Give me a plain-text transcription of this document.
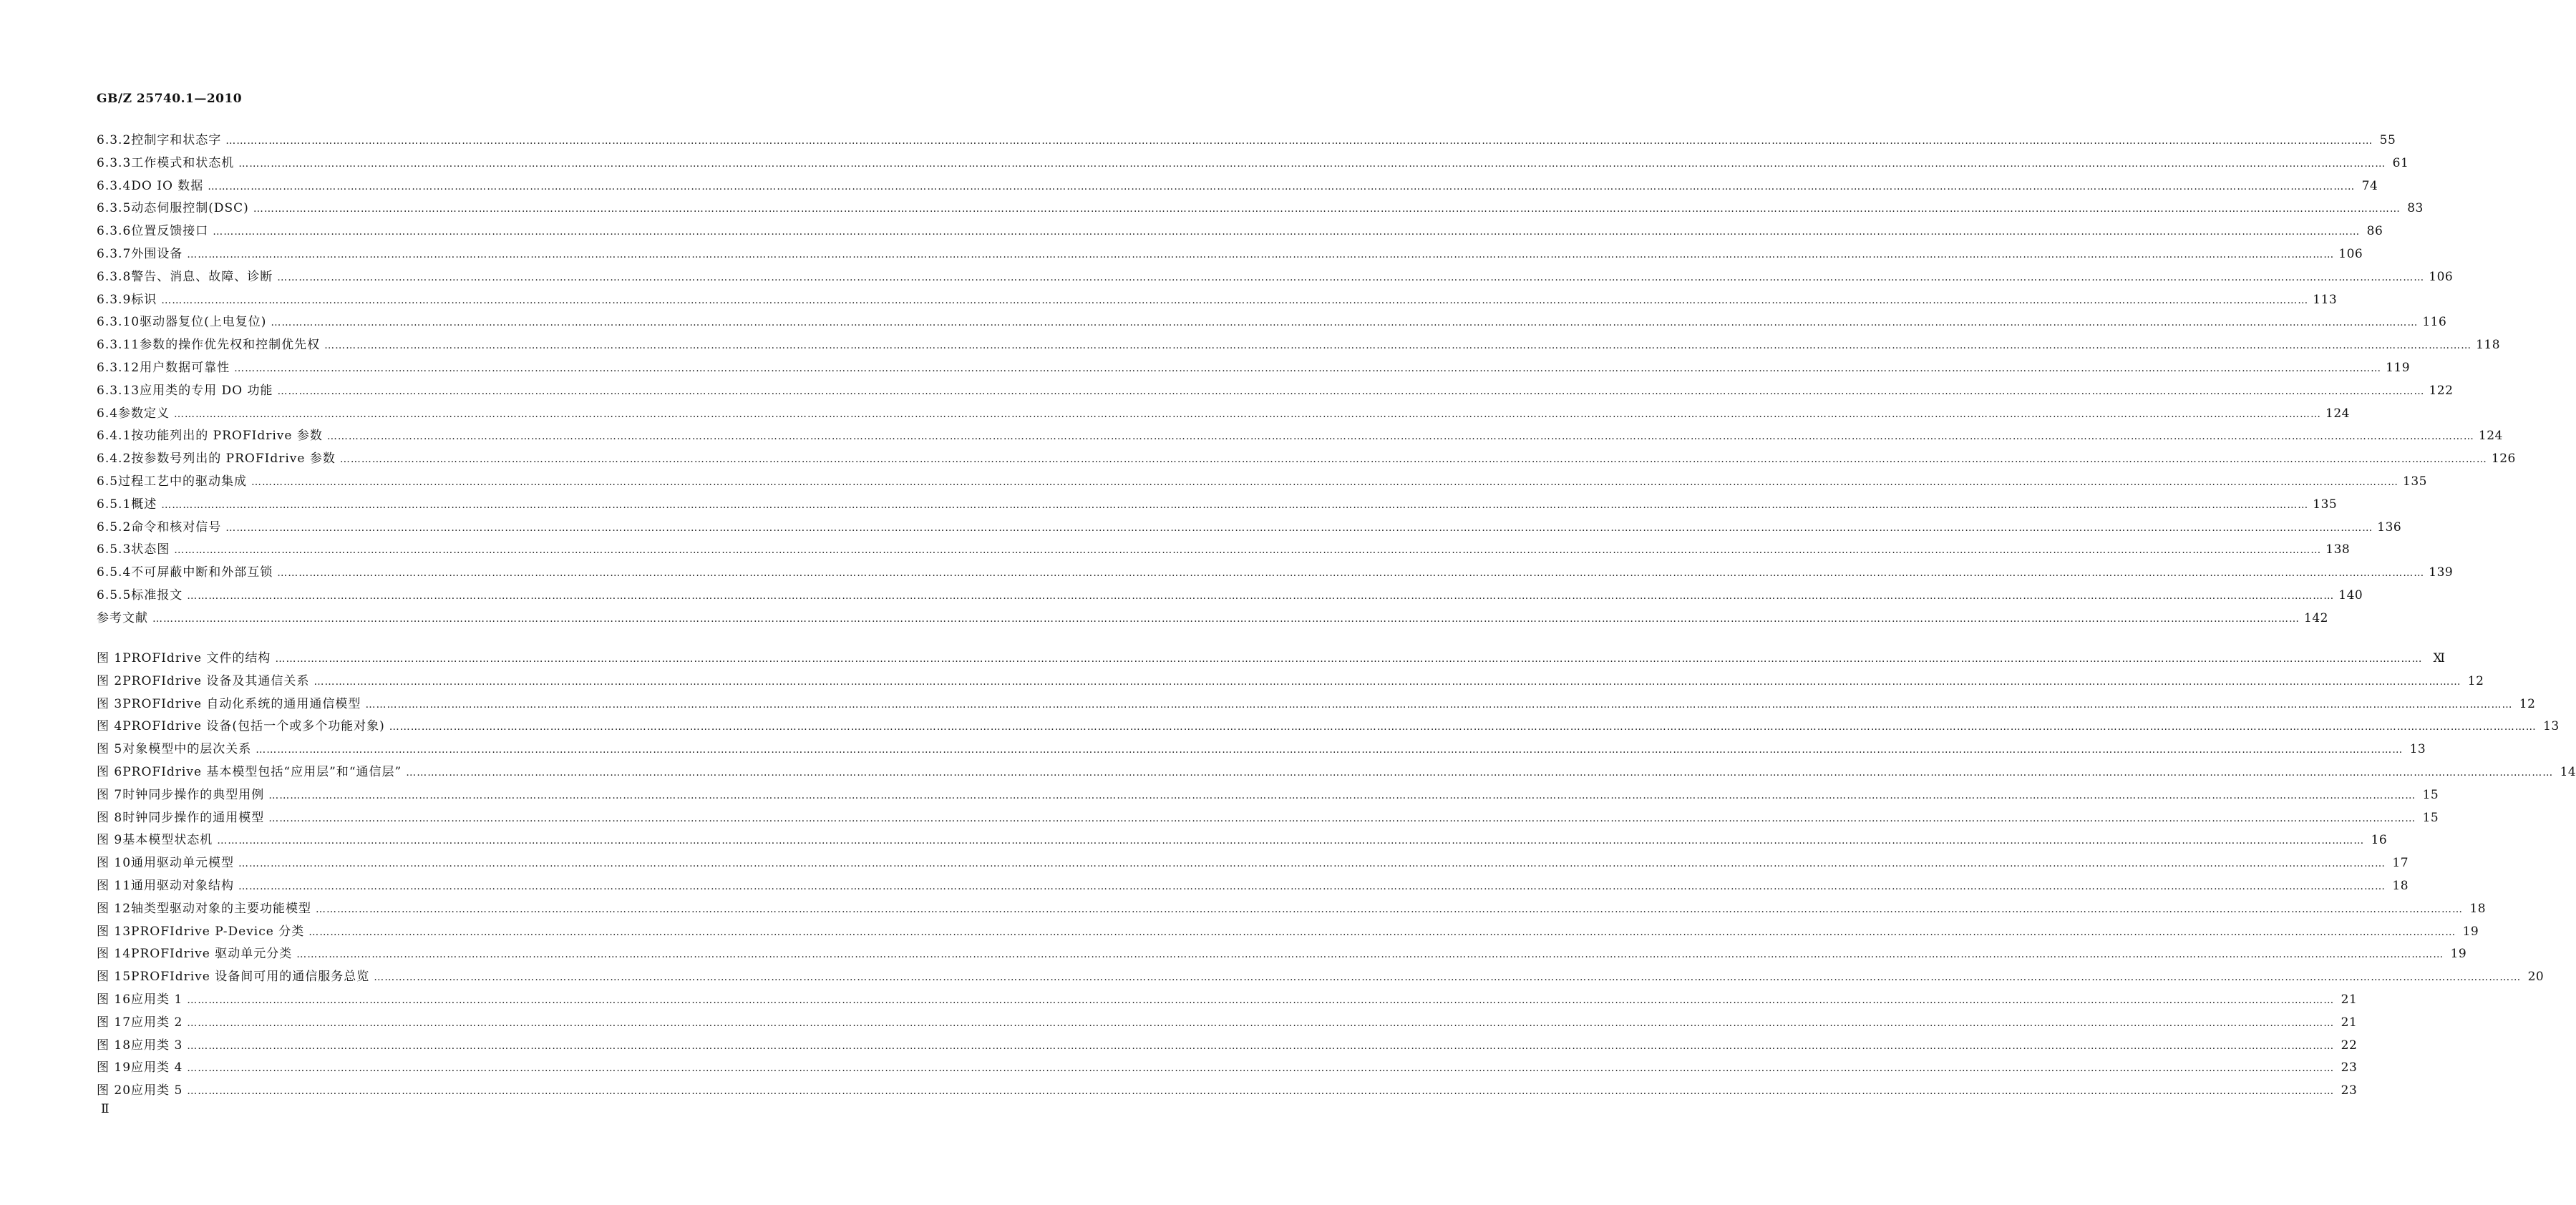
GB/Z 25740.1—2010
6.3.2 控制字和状态字 …………………………………………………………………………………………………………………………………………………………………………………………………………………………………………………………………………………………………………………………………………………………………………………………………………………………………………………………………………………………………………………………………………………… 55
6.3.3 工作模式和状态机 …………………………………………………………………………………………………………………………………………………………………………………………………………………………………………………………………………………………………………………………………………………………………………………………………………………………………………………………………………………………………………………………………………………… 61
6.3.4 DO IO 数据 …………………………………………………………………………………………………………………………………………………………………………………………………………………………………………………………………………………………………………………………………………………………………………………………………………………………………………………………………………………………………………………………………………………… 74
6.3.5 动态伺服控制(DSC) …………………………………………………………………………………………………………………………………………………………………………………………………………………………………………………………………………………………………………………………………………………………………………………………………………………………………………………………………………………………………………………………………………………… 83
6.3.6 位置反馈接口 …………………………………………………………………………………………………………………………………………………………………………………………………………………………………………………………………………………………………………………………………………………………………………………………………………………………………………………………………………………………………………………………………………………… 86
6.3.7 外围设备 …………………………………………………………………………………………………………………………………………………………………………………………………………………………………………………………………………………………………………………………………………………………………………………………………………………………………………………………………………………………………………………………………………………… 106
6.3.8 警告、消息、故障、诊断 …………………………………………………………………………………………………………………………………………………………………………………………………………………………………………………………………………………………………………………………………………………………………………………………………………………………………………………………………………………………………………………………………………………… 106
6.3.9 标识 …………………………………………………………………………………………………………………………………………………………………………………………………………………………………………………………………………………………………………………………………………………………………………………………………………………………………………………………………………………………………………………………………………………… 113
6.3.10 驱动器复位(上电复位) …………………………………………………………………………………………………………………………………………………………………………………………………………………………………………………………………………………………………………………………………………………………………………………………………………………………………………………………………………………………………………………………………………………… 116
6.3.11 参数的操作优先权和控制优先权 …………………………………………………………………………………………………………………………………………………………………………………………………………………………………………………………………………………………………………………………………………………………………………………………………………………………………………………………………………………………………………………………………………………… 118
6.3.12 用户数据可靠性 …………………………………………………………………………………………………………………………………………………………………………………………………………………………………………………………………………………………………………………………………………………………………………………………………………………………………………………………………………………………………………………………………………………… 119
6.3.13 应用类的专用 DO 功能 …………………………………………………………………………………………………………………………………………………………………………………………………………………………………………………………………………………………………………………………………………………………………………………………………………………………………………………………………………………………………………………………………………………… 122
6.4 参数定义 …………………………………………………………………………………………………………………………………………………………………………………………………………………………………………………………………………………………………………………………………………………………………………………………………………………………………………………………………………………………………………………………………………………… 124
6.4.1 按功能列出的 PROFIdrive 参数 …………………………………………………………………………………………………………………………………………………………………………………………………………………………………………………………………………………………………………………………………………………………………………………………………………………………………………………………………………………………………………………………………………………… 124
6.4.2 按参数号列出的 PROFIdrive 参数 …………………………………………………………………………………………………………………………………………………………………………………………………………………………………………………………………………………………………………………………………………………………………………………………………………………………………………………………………………………………………………………………………………………… 126
6.5 过程工艺中的驱动集成 …………………………………………………………………………………………………………………………………………………………………………………………………………………………………………………………………………………………………………………………………………………………………………………………………………………………………………………………………………………………………………………………………………………… 135
6.5.1 概述 …………………………………………………………………………………………………………………………………………………………………………………………………………………………………………………………………………………………………………………………………………………………………………………………………………………………………………………………………………………………………………………………………………………… 135
6.5.2 命令和核对信号 …………………………………………………………………………………………………………………………………………………………………………………………………………………………………………………………………………………………………………………………………………………………………………………………………………………………………………………………………………………………………………………………………………………… 136
6.5.3 状态图 …………………………………………………………………………………………………………………………………………………………………………………………………………………………………………………………………………………………………………………………………………………………………………………………………………………………………………………………………………………………………………………………………………………… 138
6.5.4 不可屏蔽中断和外部互锁 …………………………………………………………………………………………………………………………………………………………………………………………………………………………………………………………………………………………………………………………………………………………………………………………………………………………………………………………………………………………………………………………………………………… 139
6.5.5 标准报文 …………………………………………………………………………………………………………………………………………………………………………………………………………………………………………………………………………………………………………………………………………………………………………………………………………………………………………………………………………………………………………………………………………………… 140
参考文献 …………………………………………………………………………………………………………………………………………………………………………………………………………………………………………………………………………………………………………………………………………………………………………………………………………………………………………………………………………………………………………………………………………………… 142
图 1 PROFIdrive 文件的结构 …………………………………………………………………………………………………………………………………………………………………………………………………………………………………………………………………………………………………………………………………………………………………………………………………………………………………………………………………………………………………………………………………………………… Ⅺ
图 2 PROFIdrive 设备及其通信关系 …………………………………………………………………………………………………………………………………………………………………………………………………………………………………………………………………………………………………………………………………………………………………………………………………………………………………………………………………………………………………………………………………………………… 12
图 3 PROFIdrive 自动化系统的通用通信模型 …………………………………………………………………………………………………………………………………………………………………………………………………………………………………………………………………………………………………………………………………………………………………………………………………………………………………………………………………………………………………………………………………………………… 12
图 4 PROFIdrive 设备(包括一个或多个功能对象) …………………………………………………………………………………………………………………………………………………………………………………………………………………………………………………………………………………………………………………………………………………………………………………………………………………………………………………………………………………………………………………………………………………… 13
图 5 对象模型中的层次关系 …………………………………………………………………………………………………………………………………………………………………………………………………………………………………………………………………………………………………………………………………………………………………………………………………………………………………………………………………………………………………………………………………………………… 13
图 6 PROFIdrive 基本模型包括“应用层”和“通信层” …………………………………………………………………………………………………………………………………………………………………………………………………………………………………………………………………………………………………………………………………………………………………………………………………………………………………………………………………………………………………………………………………………………… 14
图 7 时钟同步操作的典型用例 …………………………………………………………………………………………………………………………………………………………………………………………………………………………………………………………………………………………………………………………………………………………………………………………………………………………………………………………………………………………………………………………………………………… 15
图 8 时钟同步操作的通用模型 …………………………………………………………………………………………………………………………………………………………………………………………………………………………………………………………………………………………………………………………………………………………………………………………………………………………………………………………………………………………………………………………………………………… 15
图 9 基本模型状态机 …………………………………………………………………………………………………………………………………………………………………………………………………………………………………………………………………………………………………………………………………………………………………………………………………………………………………………………………………………………………………………………………………………………… 16
图 10 通用驱动单元模型 …………………………………………………………………………………………………………………………………………………………………………………………………………………………………………………………………………………………………………………………………………………………………………………………………………………………………………………………………………………………………………………………………………………… 17
图 11 通用驱动对象结构 …………………………………………………………………………………………………………………………………………………………………………………………………………………………………………………………………………………………………………………………………………………………………………………………………………………………………………………………………………………………………………………………………………………… 18
图 12 轴类型驱动对象的主要功能模型 …………………………………………………………………………………………………………………………………………………………………………………………………………………………………………………………………………………………………………………………………………………………………………………………………………………………………………………………………………………………………………………………………………………… 18
图 13 PROFIdrive P-Device 分类 …………………………………………………………………………………………………………………………………………………………………………………………………………………………………………………………………………………………………………………………………………………………………………………………………………………………………………………………………………………………………………………………………………………… 19
图 14 PROFIdrive 驱动单元分类 …………………………………………………………………………………………………………………………………………………………………………………………………………………………………………………………………………………………………………………………………………………………………………………………………………………………………………………………………………………………………………………………………………………… 19
图 15 PROFIdrive 设备间可用的通信服务总览 …………………………………………………………………………………………………………………………………………………………………………………………………………………………………………………………………………………………………………………………………………………………………………………………………………………………………………………………………………………………………………………………………………………… 20
图 16 应用类 1 …………………………………………………………………………………………………………………………………………………………………………………………………………………………………………………………………………………………………………………………………………………………………………………………………………………………………………………………………………………………………………………………………………………… 21
图 17 应用类 2 …………………………………………………………………………………………………………………………………………………………………………………………………………………………………………………………………………………………………………………………………………………………………………………………………………………………………………………………………………………………………………………………………………………… 21
图 18 应用类 3 …………………………………………………………………………………………………………………………………………………………………………………………………………………………………………………………………………………………………………………………………………………………………………………………………………………………………………………………………………………………………………………………………………………… 22
图 19 应用类 4 …………………………………………………………………………………………………………………………………………………………………………………………………………………………………………………………………………………………………………………………………………………………………………………………………………………………………………………………………………………………………………………………………………………… 23
图 20 应用类 5 …………………………………………………………………………………………………………………………………………………………………………………………………………………………………………………………………………………………………………………………………………………………………………………………………………………………………………………………………………………………………………………………………………………… 23
Ⅱ
